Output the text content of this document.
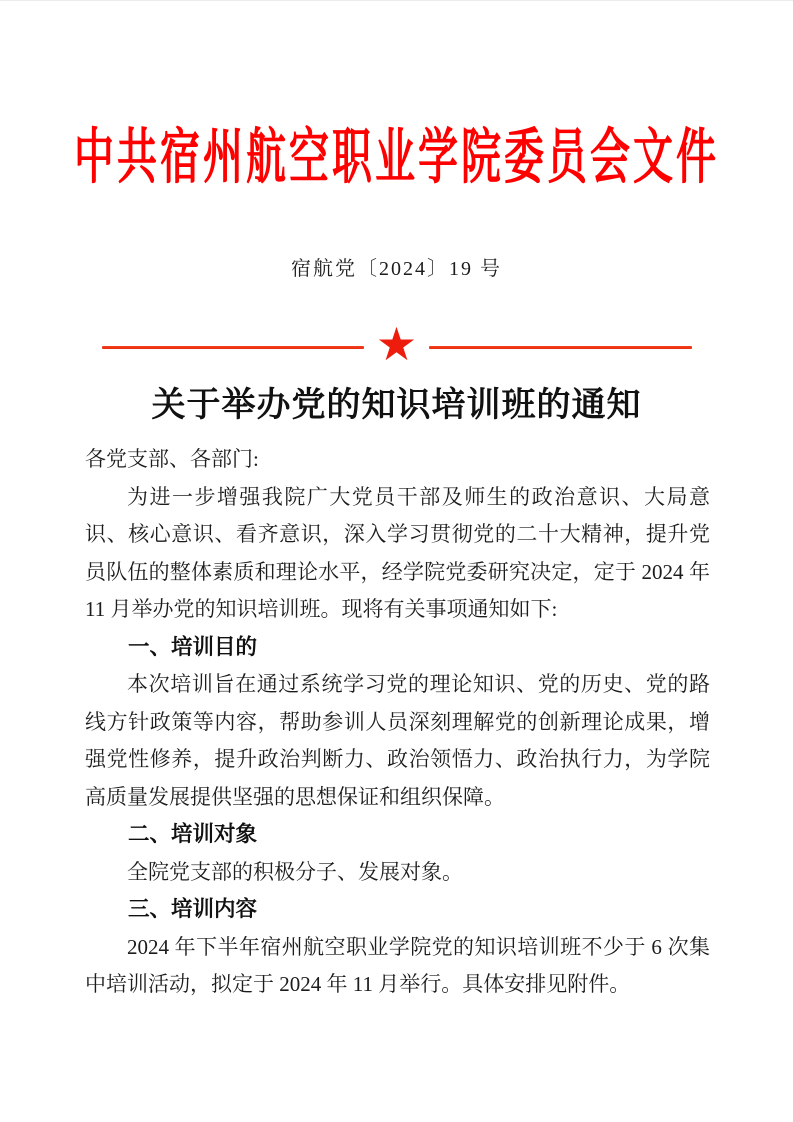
中共宿州航空职业学院委员会文件
宿航党〔2024〕19 号
★
关于举办党的知识培训班的通知

各党支部、各部门:

为进一步增强我院广大党员干部及师生的政治意识、大局意识、核心意识、看齐意识，深入学习贯彻党的二十大精神，提升党员队伍的整体素质和理论水平，经学院党委研究决定，定于 2024 年 11 月举办党的知识培训班。现将有关事项通知如下:

一、培训目的

本次培训旨在通过系统学习党的理论知识、党的历史、党的路线方针政策等内容，帮助参训人员深刻理解党的创新理论成果，增强党性修养，提升政治判断力、政治领悟力、政治执行力，为学院高质量发展提供坚强的思想保证和组织保障。

二、培训对象

全院党支部的积极分子、发展对象。

三、培训内容

2024 年下半年宿州航空职业学院党的知识培训班不少于 6 次集中培训活动，拟定于 2024 年 11 月举行。具体安排见附件。
